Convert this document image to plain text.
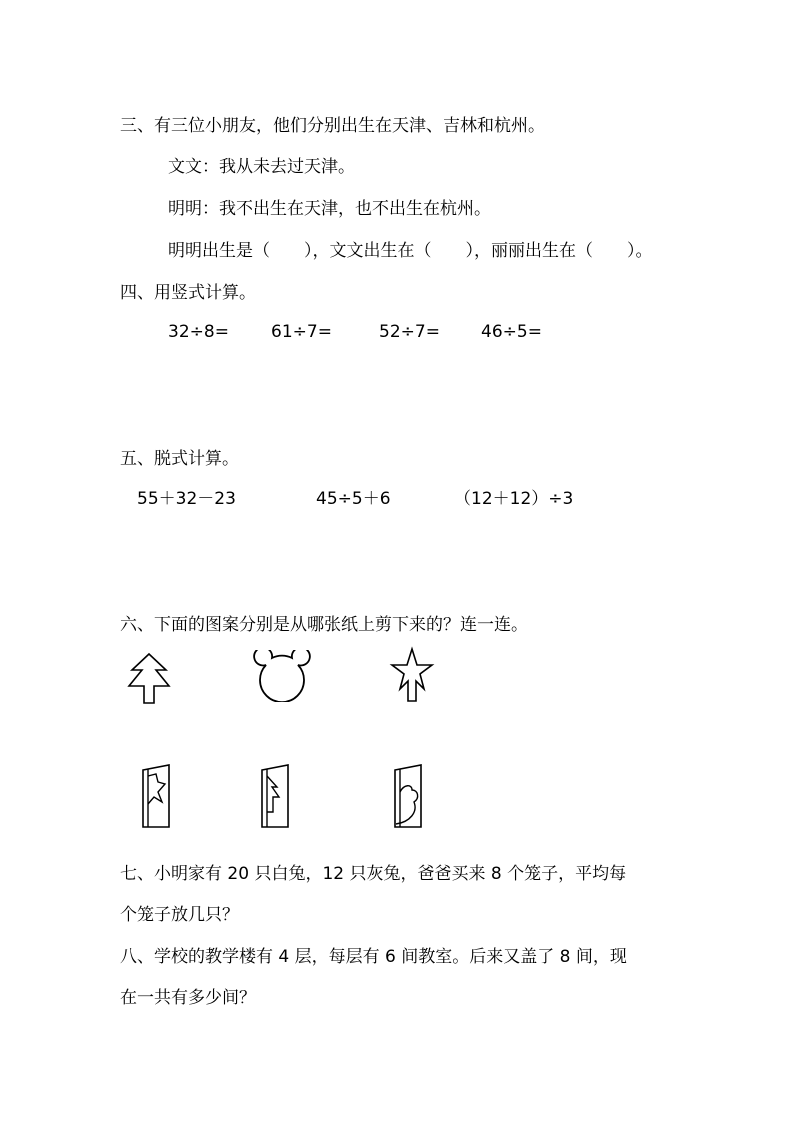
三、有三位小朋友，他们分别出生在天津、吉林和杭州。
文文：我从未去过天津。
明明：我不出生在天津，也不出生在杭州。
明明出生是（　　），文文出生在（　　），丽丽出生在（　　）。
四、用竖式计算。
32÷8= 61÷7=	52÷7= 46÷5=
五、脱式计算。
55＋32－23	45÷5＋6	（12＋12）÷3
六、下面的图案分别是从哪张纸上剪下来的？连一连。
七、小明家有 20 只白兔，12 只灰兔，爸爸买来 8 个笼子，平均每
个笼子放几只？
八、学校的教学楼有 4 层，每层有 6 间教室。后来又盖了 8 间，现
在一共有多少间？
